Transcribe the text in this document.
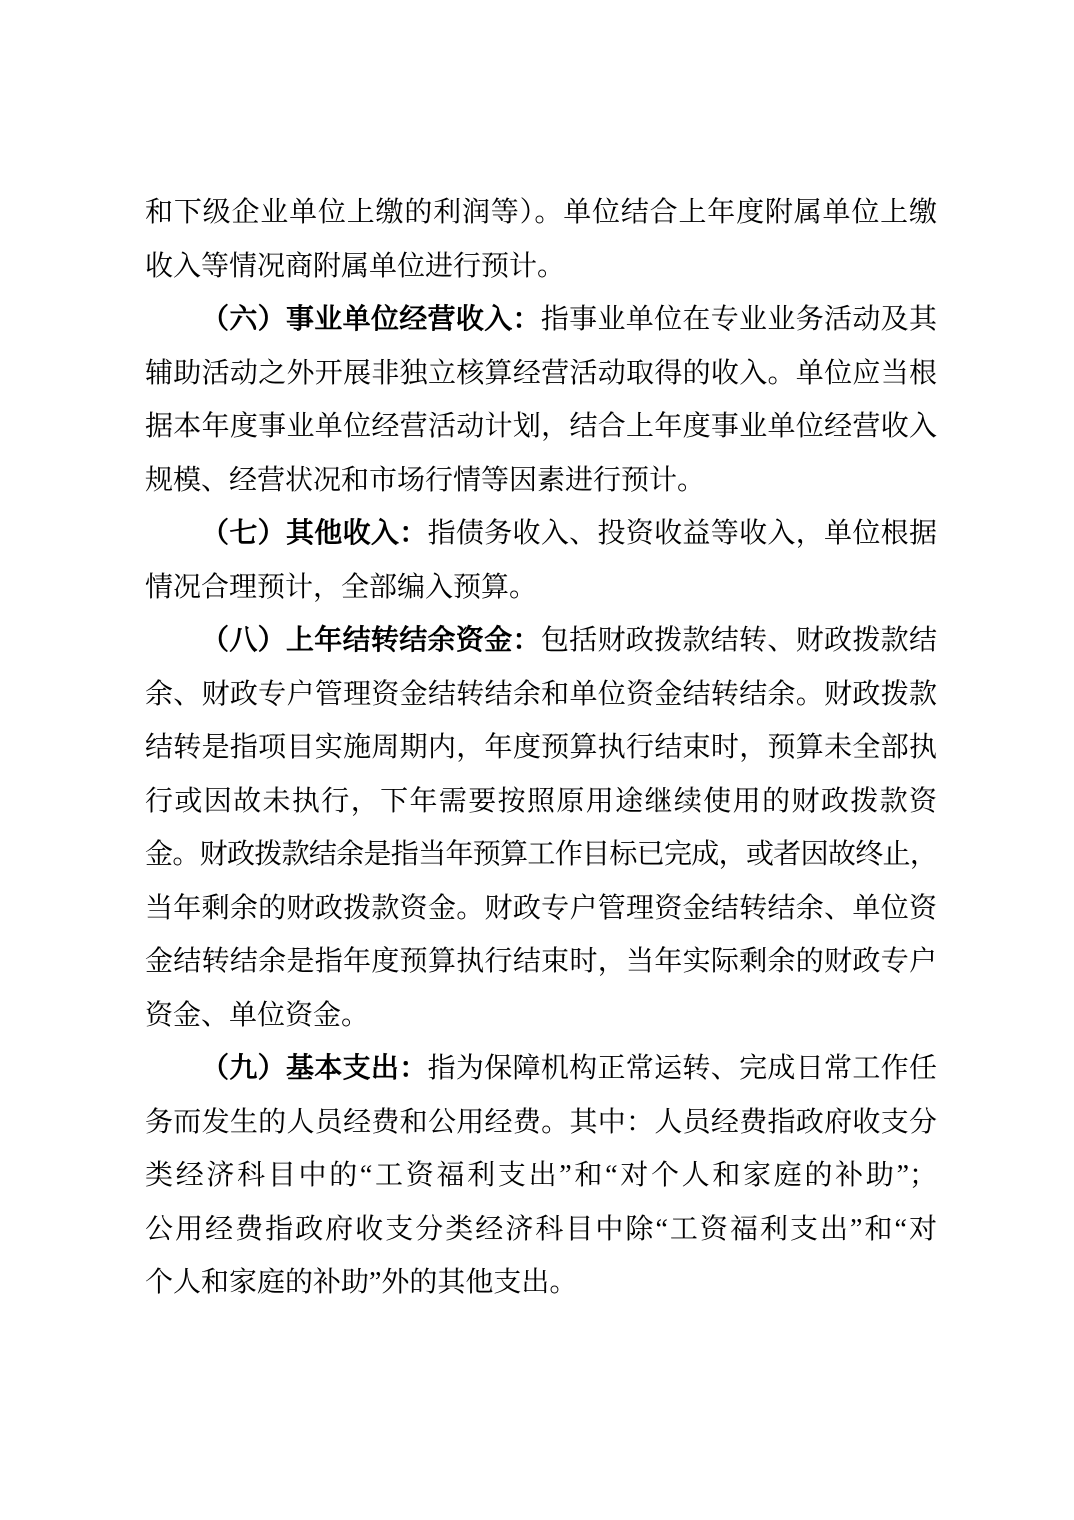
和下级企业单位上缴的利润等）。单位结合上年度附属单位上缴
收入等情况商附属单位进行预计。
（六）事业单位经营收入：指事业单位在专业业务活动及其
辅助活动之外开展非独立核算经营活动取得的收入。单位应当根
据本年度事业单位经营活动计划，结合上年度事业单位经营收入
规模、经营状况和市场行情等因素进行预计。
（七）其他收入：指债务收入、投资收益等收入，单位根据
情况合理预计，全部编入预算。
（八）上年结转结余资金：包括财政拨款结转、财政拨款结
余、财政专户管理资金结转结余和单位资金结转结余。财政拨款
结转是指项目实施周期内，年度预算执行结束时，预算未全部执
行或因故未执行，下年需要按照原用途继续使用的财政拨款资
金。财政拨款结余是指当年预算工作目标已完成，或者因故终止，
当年剩余的财政拨款资金。财政专户管理资金结转结余、单位资
金结转结余是指年度预算执行结束时，当年实际剩余的财政专户
资金、单位资金。
（九）基本支出：指为保障机构正常运转、完成日常工作任
务而发生的人员经费和公用经费。其中：人员经费指政府收支分
类经济科目中的“工资福利支出”和“对个人和家庭的补助”；
公用经费指政府收支分类经济科目中除“工资福利支出”和“对
个人和家庭的补助”外的其他支出。
